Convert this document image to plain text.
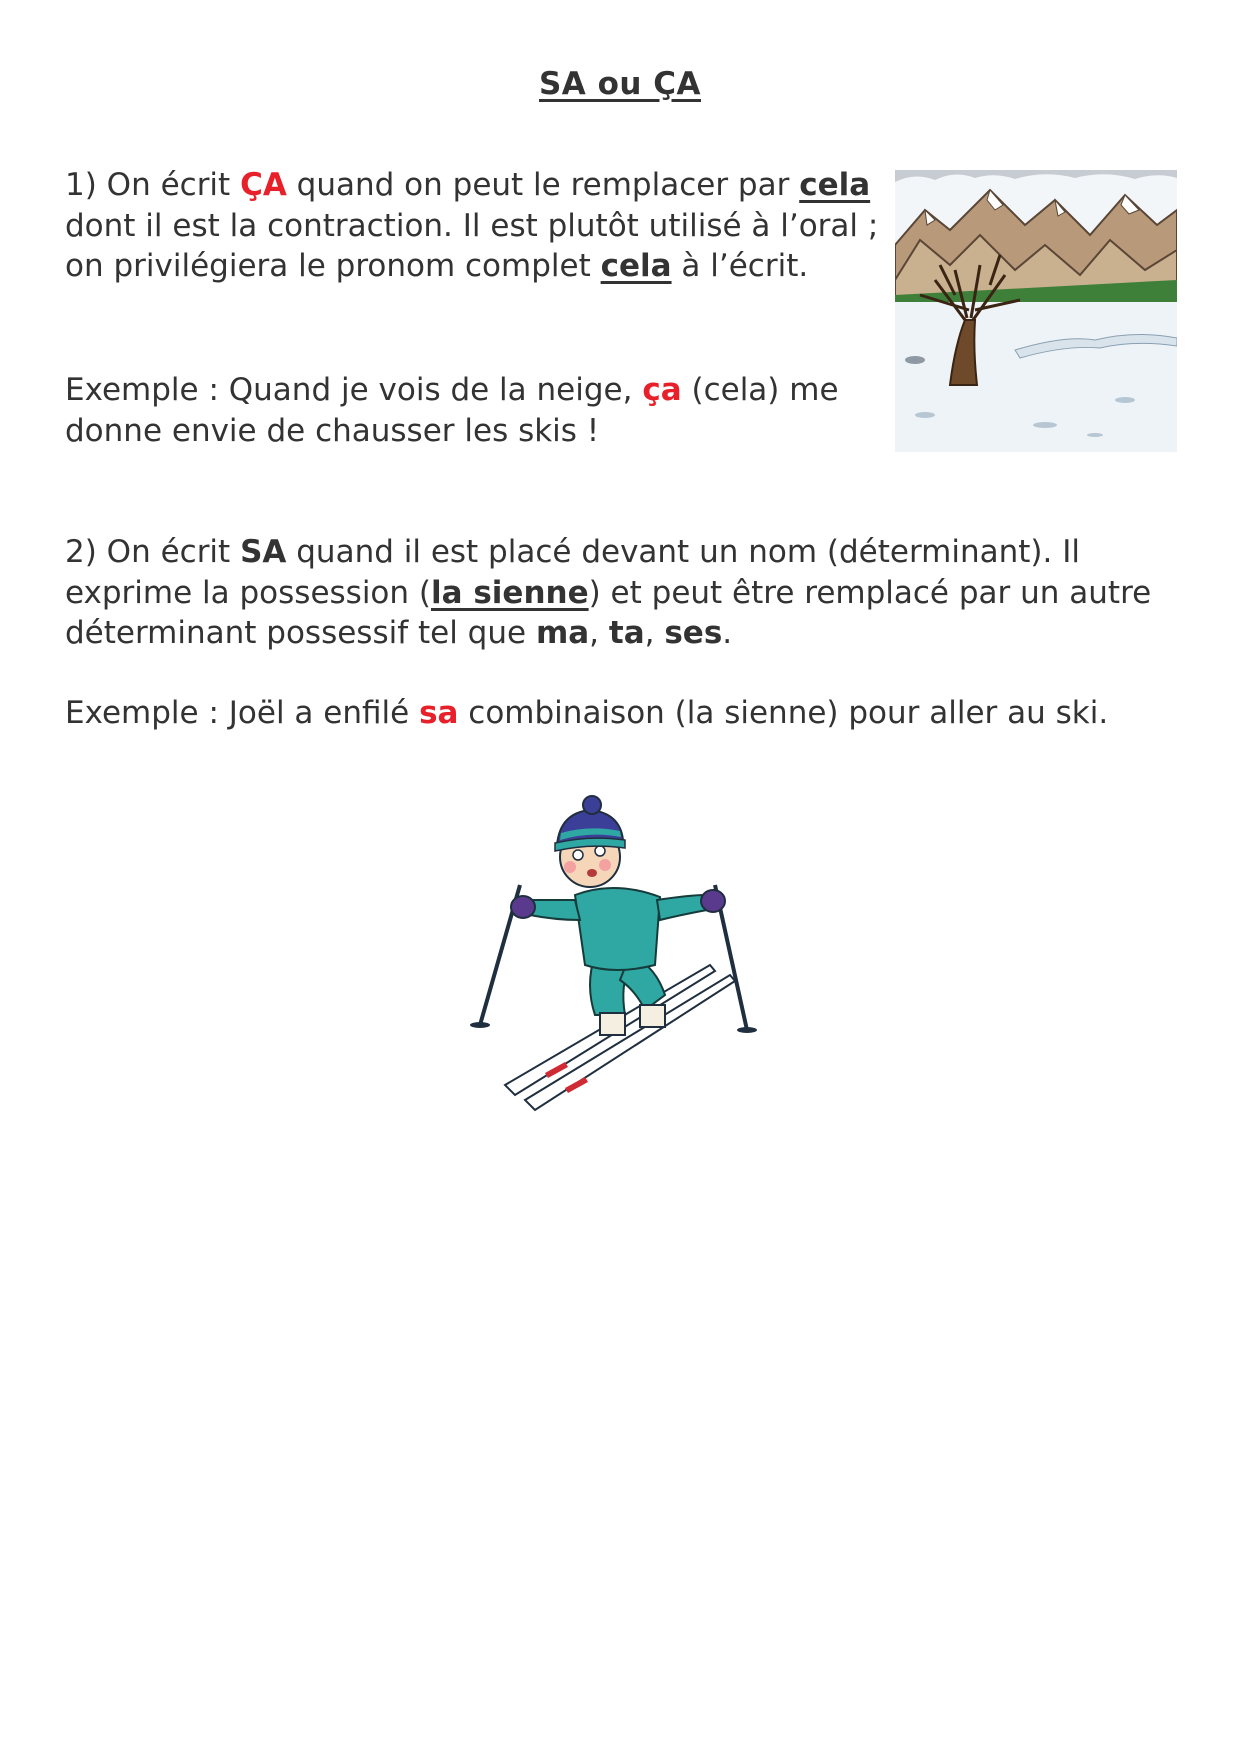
SA ou ÇA

1) On écrit ÇA quand on peut le remplacer par cela dont il est la contraction. Il est plutôt utilisé à l’oral ; on privilégiera le pronom complet cela à l’écrit.

Exemple : Quand je vois de la neige, ça (cela) me donne envie de chausser les skis !

2) On écrit SA quand il est placé devant un nom (déterminant). Il exprime la possession (la sienne) et peut être remplacé par un autre déterminant possessif tel que ma, ta, ses.

Exemple : Joël a enfilé sa combinaison (la sienne) pour aller au ski.
